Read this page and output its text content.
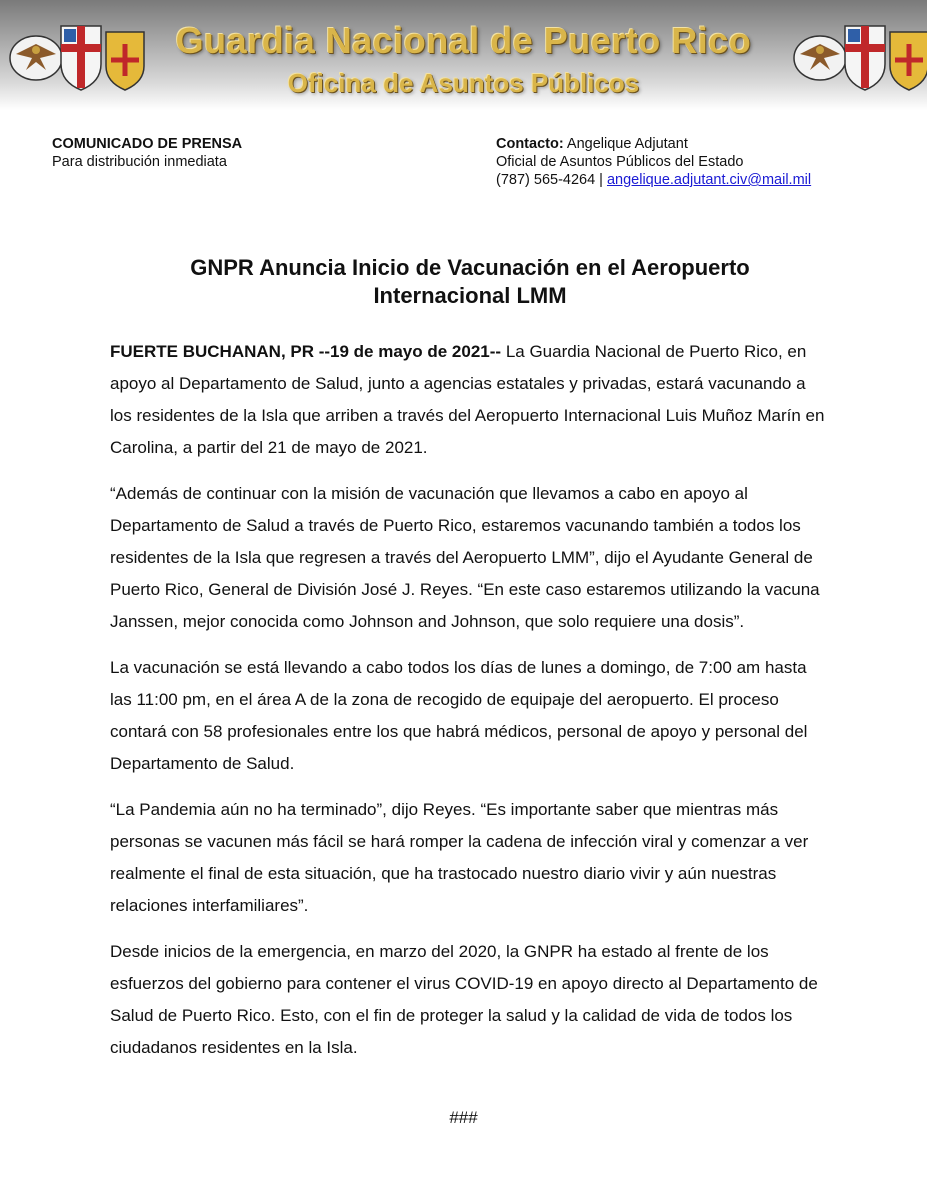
Guardia Nacional de Puerto Rico
Oficina de Asuntos Públicos
COMUNICADO DE PRENSA
Para distribución inmediata
Contacto: Angelique Adjutant
Oficial de Asuntos Públicos del Estado
(787) 565-4264 | angelique.adjutant.civ@mail.mil
GNPR Anuncia Inicio de Vacunación en el Aeropuerto
Internacional LMM

FUERTE BUCHANAN, PR --19 de mayo de 2021-- La Guardia Nacional de Puerto Rico, en apoyo al Departamento de Salud, junto a agencias estatales y privadas, estará vacunando a los residentes de la Isla que arriben a través del Aeropuerto Internacional Luis Muñoz Marín en Carolina, a partir del 21 de mayo de 2021.

“Además de continuar con la misión de vacunación que llevamos a cabo en apoyo al Departamento de Salud a través de Puerto Rico, estaremos vacunando también a todos los residentes de la Isla que regresen a través del Aeropuerto LMM”, dijo el Ayudante General de Puerto Rico, General de División José J. Reyes. “En este caso estaremos utilizando la vacuna Janssen, mejor conocida como Johnson and Johnson, que solo requiere una dosis”.

La vacunación se está llevando a cabo todos los días de lunes a domingo, de 7:00 am hasta las 11:00 pm, en el área A de la zona de recogido de equipaje del aeropuerto. El proceso contará con 58 profesionales entre los que habrá médicos, personal de apoyo y personal del Departamento de Salud.

“La Pandemia aún no ha terminado”, dijo Reyes. “Es importante saber que mientras más personas se vacunen más fácil se hará romper la cadena de infección viral y comenzar a ver realmente el final de esta situación, que ha trastocado nuestro diario vivir y aún nuestras relaciones interfamiliares”.

Desde inicios de la emergencia, en marzo del 2020, la GNPR ha estado al frente de los esfuerzos del gobierno para contener el virus COVID-19 en apoyo directo al Departamento de Salud de Puerto Rico. Esto, con el fin de proteger la salud y la calidad de vida de todos los ciudadanos residentes en la Isla.

###
